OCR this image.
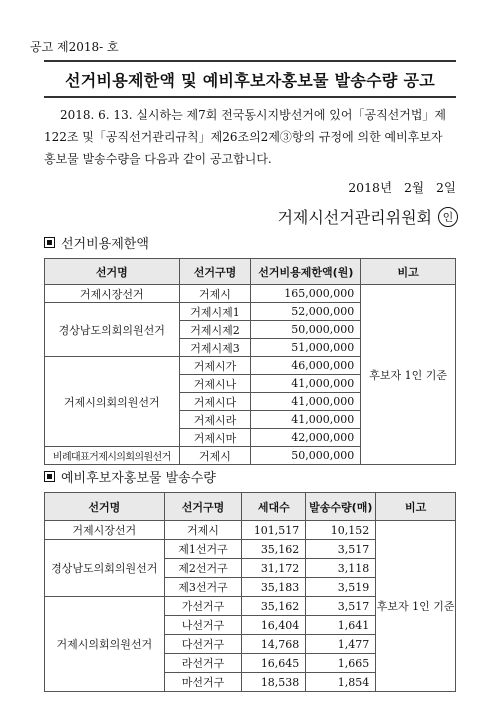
공고 제2018- 호
선거비용제한액 및 예비후보자홍보물 발송수량 공고
2018. 6. 13. 실시하는 제7회 전국동시지방선거에 있어「공직선거법」제
122조 및「공직선거관리규칙」제26조의2제③항의 규정에 의한 예비후보자
홍보물 발송수량을 다음과 같이 공고합니다.
2018년   2월   2일
거제시선거관리위원회 인
선거비용제한액
선거명	선거구명	선거비용제한액(원)	비고
거제시장선거	거제시	165,000,000	후보자 1인 기준
경상남도의회의원선거	거제시제1	52,000,000	
	거제시제2	50,000,000	
	거제시제3	51,000,000	
거제시의회의원선거	거제시가	46,000,000	
	거제시나	41,000,000	
	거제시다	41,000,000	
	거제시라	41,000,000	
	거제시마	42,000,000	
비례대표거제시의회의원선거	거제시	50,000,000	
예비후보자홍보물 발송수량
선거명	선거구명	세대수	발송수량(매)	비고
거제시장선거	거제시	101,517	10,152	후보자 1인 기준
경상남도의회의원선거	제1선거구	35,162	3,517	
	제2선거구	31,172	3,118	
	제3선거구	35,183	3,519	
거제시의회의원선거	가선거구	35,162	3,517	
	나선거구	16,404	1,641	
	다선거구	14,768	1,477	
	라선거구	16,645	1,665	
	마선거구	18,538	1,854	
